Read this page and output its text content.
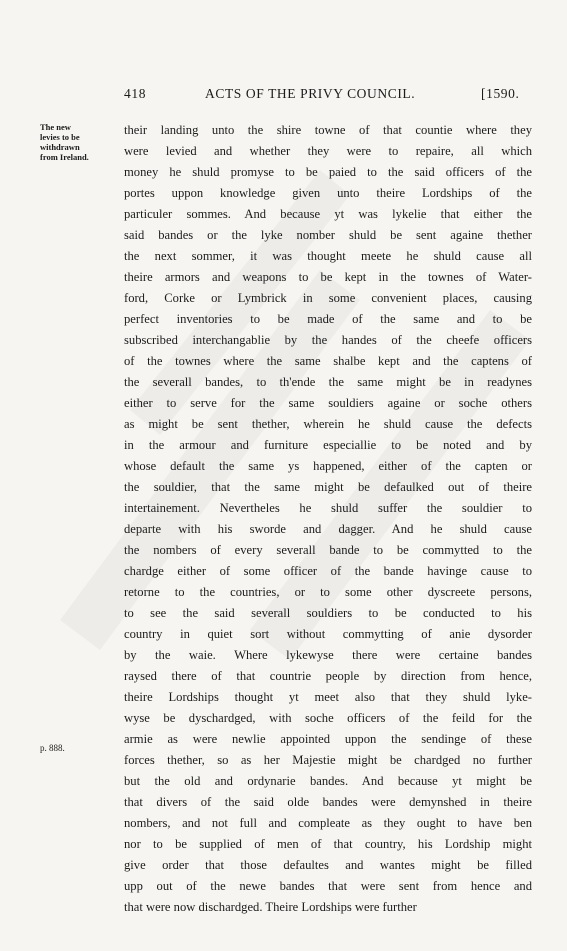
418	ACTS OF THE PRIVY COUNCIL.	[1590.
The new
levies to be
withdrawn
from Ireland.
p. 888.
their landing unto the shire towne of that countie where they
were levied and whether they were to repaire, all which
money he shuld promyse to be paied to the said officers of the
portes uppon knowledge given unto theire Lordships of the
particuler sommes. And because yt was lykelie that either the
said bandes or the lyke nomber shuld be sent againe thether
the next sommer, it was thought meete he shuld cause all
theire armors and weapons to be kept in the townes of Water-
ford, Corke or Lymbrick in some convenient places, causing
perfect inventories to be made of the same and to be
subscribed interchangablie by the handes of the cheefe officers
of the townes where the same shalbe kept and the captens of
the severall bandes, to th'ende the same might be in readynes
either to serve for the same souldiers againe or soche others
as might be sent thether, wherein he shuld cause the defects
in the armour and furniture especiallie to be noted and by
whose default the same ys happened, either of the capten or
the souldier, that the same might be defaulked out of theire
intertainement. Nevertheles he shuld suffer the souldier to
departe with his sworde and dagger. And he shuld cause
the nombers of every severall bande to be commytted to the
chardge either of some officer of the bande havinge cause to
retorne to the countries, or to some other dyscreete persons,
to see the said severall souldiers to be conducted to his
country in quiet sort without commytting of anie dysorder
by the waie. Where lykewyse there were certaine bandes
raysed there of that countrie people by direction from hence,
theire Lordships thought yt meet also that they shuld lyke-
wyse be dyschardged, with soche officers of the feild for the
armie as were newlie appointed uppon the sendinge of these
forces thether, so as her Majestie might be chardged no further
but the old and ordynarie bandes. And because yt might be
that divers of the said olde bandes were demynshed in theire
nombers, and not full and compleate as they ought to have ben
nor to be supplied of men of that country, his Lordship might
give order that those defaultes and wantes might be filled
upp out of the newe bandes that were sent from hence and
that were now dischardged. Theire Lordships were further
